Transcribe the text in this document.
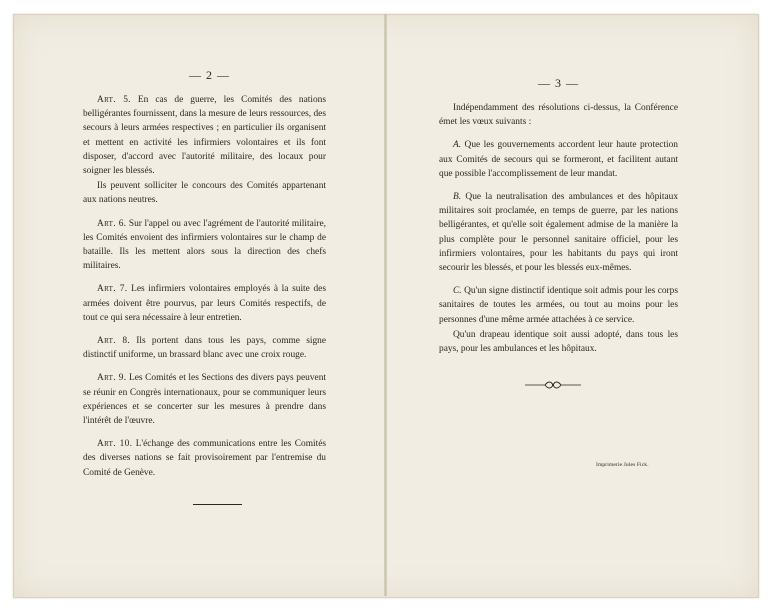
— 2 —
Art. 5. En cas de guerre, les Comités des nations belligérantes fournissent, dans la mesure de leurs ressources, des secours à leurs armées respectives ; en particulier ils organisent et mettent en activité les infirmiers volontaires et ils font disposer, d'accord avec l'autorité militaire, des locaux pour soigner les blessés.
Ils peuvent solliciter le concours des Comités appartenant aux nations neutres.
Art. 6. Sur l'appel ou avec l'agrément de l'autorité militaire, les Comités envoient des infirmiers volontaires sur le champ de bataille. Ils les mettent alors sous la direction des chefs militaires.
Art. 7. Les infirmiers volontaires employés à la suite des armées doivent être pourvus, par leurs Comités respectifs, de tout ce qui sera nécessaire à leur entretien.
Art. 8. Ils portent dans tous les pays, comme signe distinctif uniforme, un brassard blanc avec une croix rouge.
Art. 9. Les Comités et les Sections des divers pays peuvent se réunir en Congrès internationaux, pour se communiquer leurs expériences et se concerter sur les mesures à prendre dans l'intérêt de l'œuvre.
Art. 10. L'échange des communications entre les Comités des diverses nations se fait provisoirement par l'entremise du Comité de Genève.
— 3 —
Indépendamment des résolutions ci-dessus, la Conférence émet les vœux suivants :
A. Que les gouvernements accordent leur haute protection aux Comités de secours qui se formeront, et facilitent autant que possible l'accomplissement de leur mandat.
B. Que la neutralisation des ambulances et des hôpitaux militaires soit proclamée, en temps de guerre, par les nations belligérantes, et qu'elle soit également admise de la manière la plus complète pour le personnel sanitaire officiel, pour les infirmiers volontaires, pour les habitants du pays qui iront secourir les blessés, et pour les blessés eux-mêmes.
C. Qu'un signe distinctif identique soit admis pour les corps sanitaires de toutes les armées, ou tout au moins pour les personnes d'une même armée attachées à ce service.
Qu'un drapeau identique soit aussi adopté, dans tous les pays, pour les ambulances et les hôpitaux.
Imprimerie Jules Fick.
